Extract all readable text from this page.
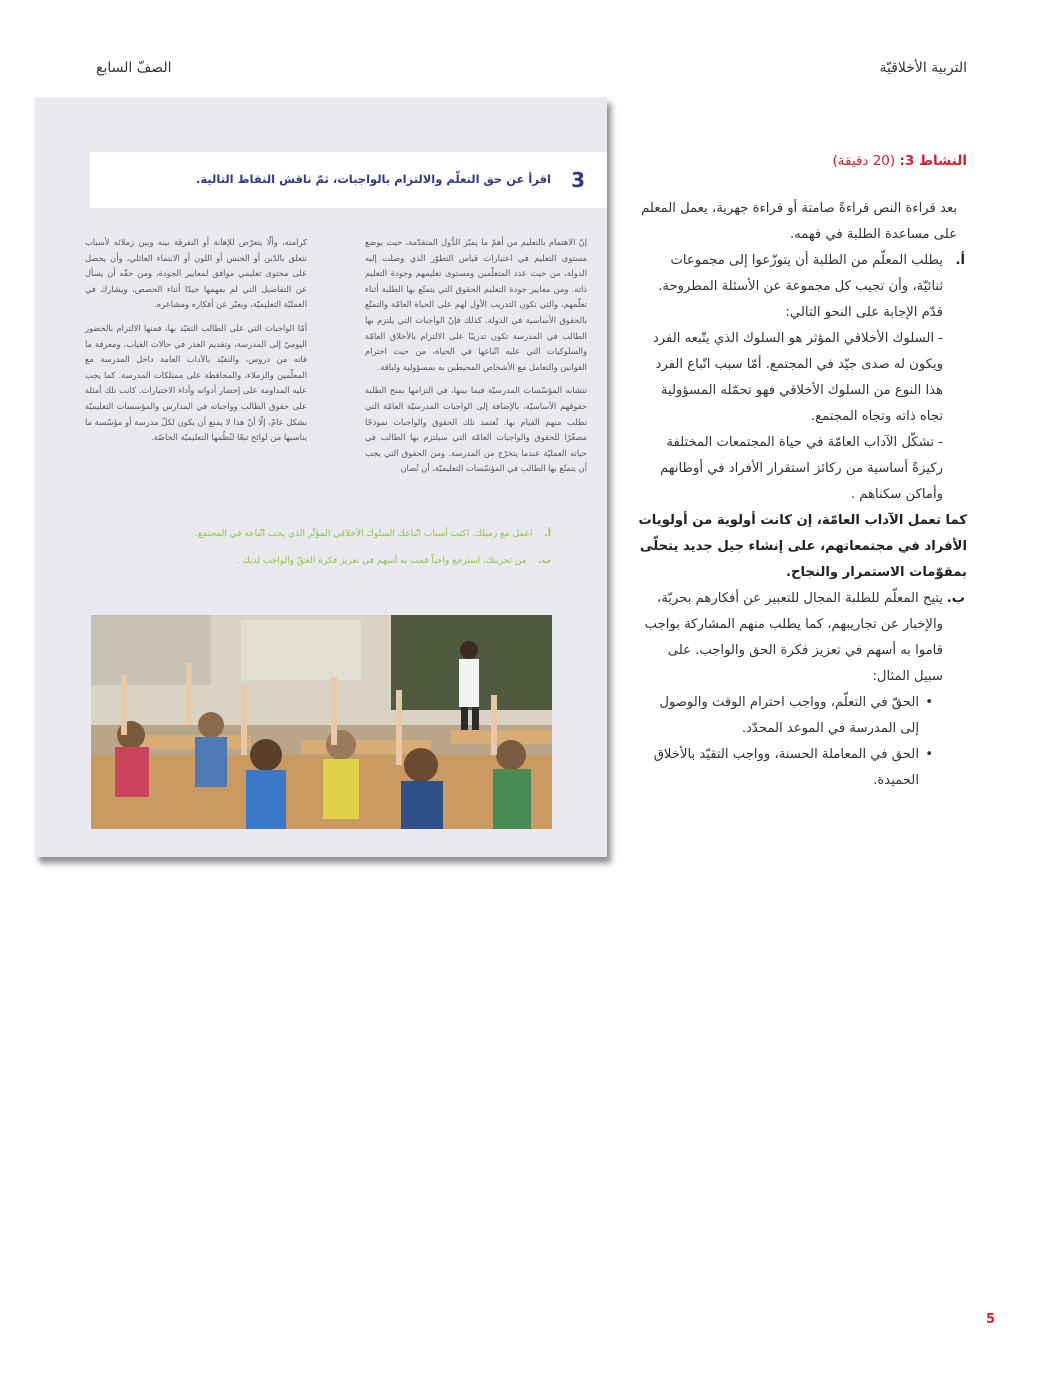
التربية الأخلاقيّة
الصفّ السابع
3
اقرأ عن حق التعلّم والالتزام بالواجبات، ثمّ ناقش النقاط التالية.

إنّ الاهتمام بالتعليم من أهمّ ما يميّز الدُّول المتقدّمة، حيث يوضع مستوى التعليم في اعتبارات قياس التطوّر الذي وصلت إليه الدولة، من حيث عدد المتعلّمين ومستوى تعليمهم وجودة التعليم ذاته. ومن معايير جودة التعليم الحقوق التي يتمتّع بها الطلبة أثناء تعلّمهم، والتي تكون التدريب الأول لهم على الحياة العامّة والتمتّع بالحقوق الأساسية في الدولة. كذلك فإنّ الواجبات التي يلتزم بها الطالب في المدرسة تكون تدريبًا على الالتزام بالأخلاق العامّة والسلوكيات التي عليه اتّباعها في الحياة، من حيث احترام القوانين والتعامل مع الأشخاص المحيطين به بمسؤولية ولباقة.

تتشابه المؤسّسات المدرسيّة فيما بينها، في التزامها بمنح الطلبة حقوقهم الأساسيّة، بالإضافة إلى الواجبات المدرسيّة العامّة التي تطلب منهم القيام بها. تُعتمد تلك الحقوق والواجبات نموذجًا مصغّرًا للحقوق والواجبات العامّة التي سيلتزم بها الطالب في حياته العمليّة عندما يتخرّج من المدرسة. ومن الحقوق التي يجب أن يتمتّع بها الطالب في المؤسّسات التعليميّة، أن تُصان

كرامته، وألّا يتعرّض للإهانة أو التفرقة بينه وبين زملائه لأسباب تتعلق بالدّين أو الجنس أو اللون أو الانتماء العائلي، وأن يحصل على محتوى تعليمي موافق لمعايير الجودة، ومن حقّه أن يسأل عن التفاصيل التي لم يفهمها جيدًا أثناء الحصص، ويشارك في العمليّة التعليميّة، ويعبّر عن أفكاره ومشاعره.

أمّا الواجبات التي على الطالب التقيّد بها، فمنها الالتزام بالحضور اليوميّ إلى المدرسة، وتقديم العذر في حالات الغياب، ومعرفة ما فاته من دروس، والتقيّد بالآداب العامة داخل المدرسة مع المعلّمين والزملاء، والمحافظة على ممتلكات المدرسة. كما يجب عليه المداومة على إحضار أدواته وأداء الاختبارات. كانت تلك أمثلة على حقوق الطالب وواجباته في المدارس والمؤسسات التعليميّة بشكل عامّ، إلّا أنّ هذا لا يمنع أن يكون لكلّ مدرسة أو مؤسّسة ما يناسبها من لوائح تبعًا لنُظُمها التعليميّة الخاصّة.

أ.اعمل مع زميلك. اكتب أسباب اتّباعك السلوك الأخلاقي المؤثّر الذي يجب اتّباعه في المجتمع.
ب.من تجربتك، استرجع واجباً قمت به أسهم في تعزيز فكرة الحقّ والواجب لديك .
النشاط 3: (20 دقيقة)

بعد قراءة النص قراءةً صامتة أو قراءة جهرية، يعمل المعلم على مساعدة الطلبة في فهمه.

أ.
يطلب المعلّم من الطلبة أن يتوزّعوا إلى مجموعات ثنائيّة، وأن تجيب كل مجموعة عن الأسئلة المطروحة.
قدّم الإجابة على النحو التالي:
- السلوك الأخلاقي المؤثر هو السلوك الذي يتّبعه الفرد ويكون له صدى جيّد في المجتمع. أمّا سبب اتّباع الفرد هذا النوع من السلوك الأخلاقي فهو تحمّله المسؤولية تجاه ذاته وتجاه المجتمع.
- تشكّل الآداب العامّة في حياة المجتمعات المختلفة ركيزةً أساسية من ركائز استقرار الأفراد في أوطانهم وأماكن سكناهم .

كما تعمل الآداب العامّة، إن كانت أولوية من أولويات الأفراد في مجتمعاتهم، على إنشاء جيل جديد يتحلّى بمقوّمات الاستمرار والنجاح.

ب.
يتيح المعلّم للطلبة المجال للتعبير عن أفكارهم بحريّة، والإخبار عن تجاريبهم، كما يطلب منهم المشاركة بواجب قاموا به أسهم في تعزيز فكرة الحق والواجب. على سبيل المثال:
• الحقّ في التعلّم، وواجب احترام الوقت والوصول إلى المدرسة في الموعد المحدّد.
• الحق في المعاملة الحسنة، وواجب التقيّد بالأخلاق الحميدة.
5
